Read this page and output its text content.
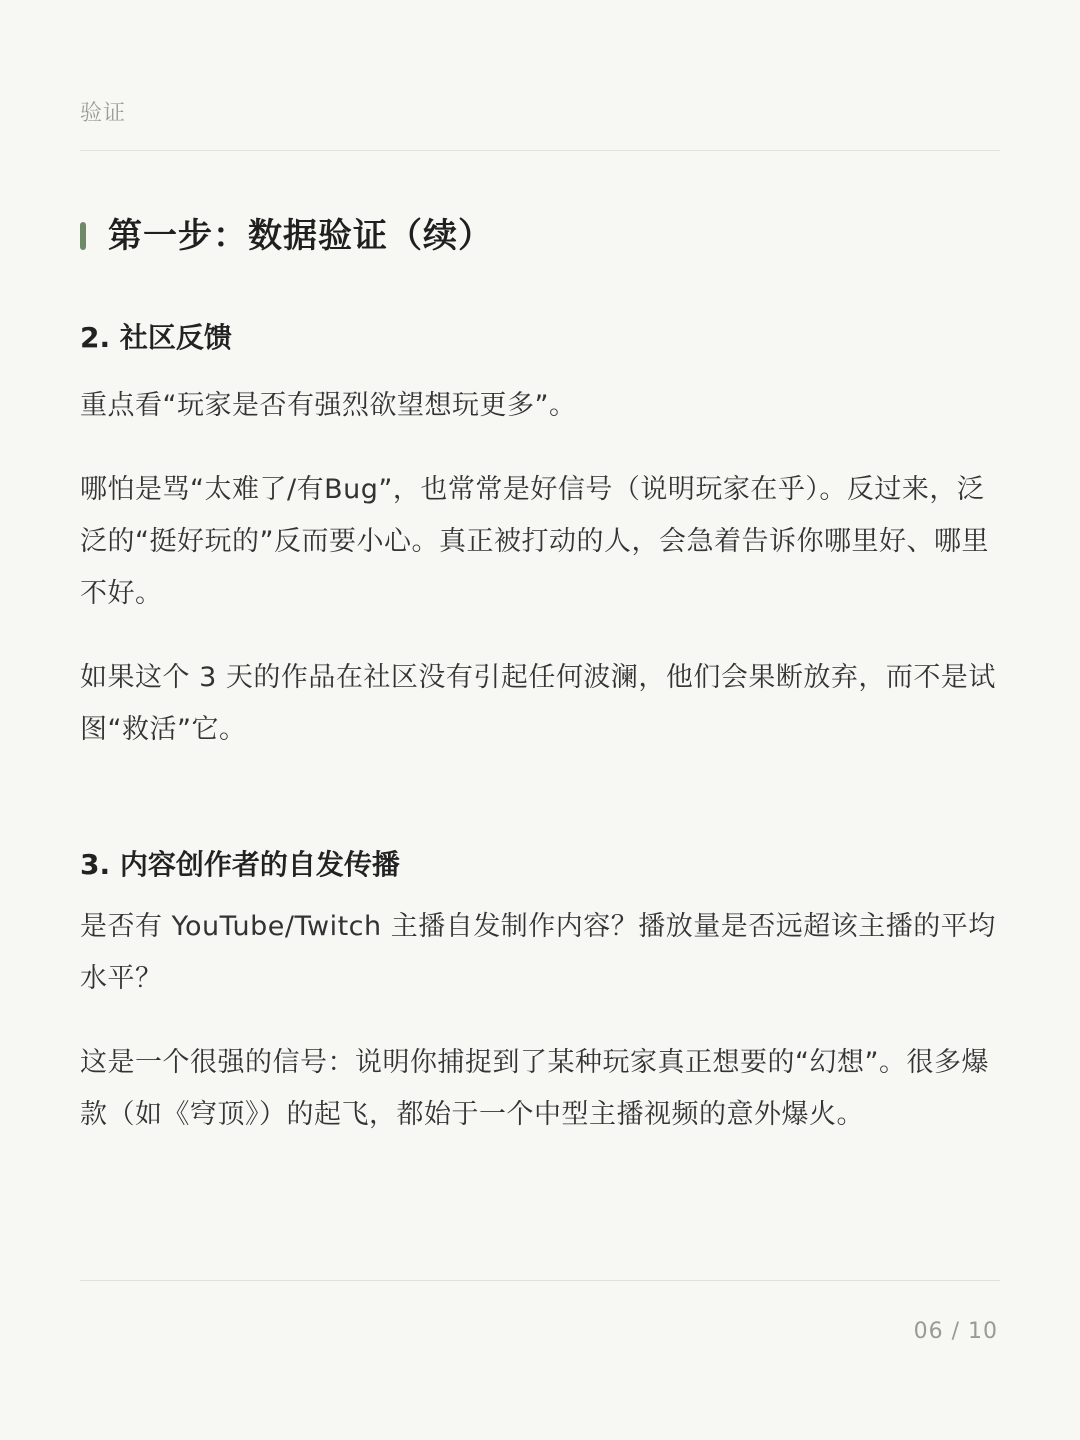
验证
第一步：数据验证（续）
2. 社区反馈

重点看“玩家是否有强烈欲望想玩更多”。

哪怕是骂“太难了/有Bug”，也常常是好信号（说明玩家在乎）。反过来，泛泛的“挺好玩的”反而要小心。真正被打动的人，会急着告诉你哪里好、哪里不好。

如果这个 3 天的作品在社区没有引起任何波澜，他们会果断放弃，而不是试图“救活”它。

3. 内容创作者的自发传播

是否有 YouTube/Twitch 主播自发制作内容？播放量是否远超该主播的平均水平？

这是一个很强的信号：说明你捕捉到了某种玩家真正想要的“幻想”。很多爆款（如《穹顶》）的起飞，都始于一个中型主播视频的意外爆火。

06 / 10
